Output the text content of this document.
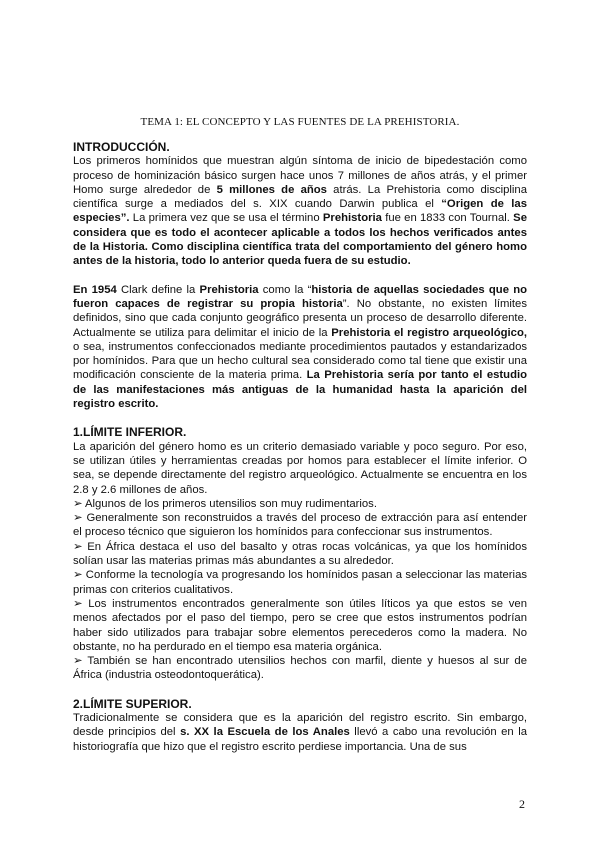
TEMA 1: EL CONCEPTO Y LAS FUENTES DE LA PREHISTORIA.

INTRODUCCIÓN.

Los primeros homínidos que muestran algún síntoma de inicio de bipedestación como proceso de hominización básico surgen hace unos 7 millones de años atrás, y el primer Homo surge alrededor de 5 millones de años atrás. La Prehistoria como disciplina científica surge a mediados del s. XIX cuando Darwin publica el “Origen de las especies”. La primera vez que se usa el término Prehistoria fue en 1833 con Tournal. Se considera que es todo el acontecer aplicable a todos los hechos verificados antes de la Historia. Como disciplina científica trata del comportamiento del género homo antes de la historia, todo lo anterior queda fuera de su estudio.

En 1954 Clark define la Prehistoria como la “historia de aquellas sociedades que no fueron capaces de registrar su propia historia”. No obstante, no existen límites definidos, sino que cada conjunto geográfico presenta un proceso de desarrollo diferente. Actualmente se utiliza para delimitar el inicio de la Prehistoria el registro arqueológico, o sea, instrumentos confeccionados mediante procedimientos pautados y estandarizados por homínidos. Para que un hecho cultural sea considerado como tal tiene que existir una modificación consciente de la materia prima. La Prehistoria sería por tanto el estudio de las manifestaciones más antiguas de la humanidad hasta la aparición del registro escrito.

1.LÍMITE INFERIOR.

La aparición del género homo es un criterio demasiado variable y poco seguro. Por eso, se utilizan útiles y herramientas creadas por homos para establecer el límite inferior. O sea, se depende directamente del registro arqueológico. Actualmente se encuentra en los 2.8 y 2.6 millones de años.

➢ Algunos de los primeros utensilios son muy rudimentarios.

➢ Generalmente son reconstruidos a través del proceso de extracción para así entender el proceso técnico que siguieron los homínidos para confeccionar sus instrumentos.

➢ En África destaca el uso del basalto y otras rocas volcánicas, ya que los homínidos solían usar las materias primas más abundantes a su alrededor.

➢ Conforme la tecnología va progresando los homínidos pasan a seleccionar las materias primas con criterios cualitativos.

➢ Los instrumentos encontrados generalmente son útiles líticos ya que estos se ven menos afectados por el paso del tiempo, pero se cree que estos instrumentos podrían haber sido utilizados para trabajar sobre elementos perecederos como la madera. No obstante, no ha perdurado en el tiempo esa materia orgánica.

➢ También se han encontrado utensilios hechos con marfil, diente y huesos al sur de África (industria osteodontoquerática).

2.LÍMITE SUPERIOR.

Tradicionalmente se considera que es la aparición del registro escrito. Sin embargo, desde principios del s. XX la Escuela de los Anales llevó a cabo una revolución en la historiografía que hizo que el registro escrito perdiese importancia. Una de sus

2
